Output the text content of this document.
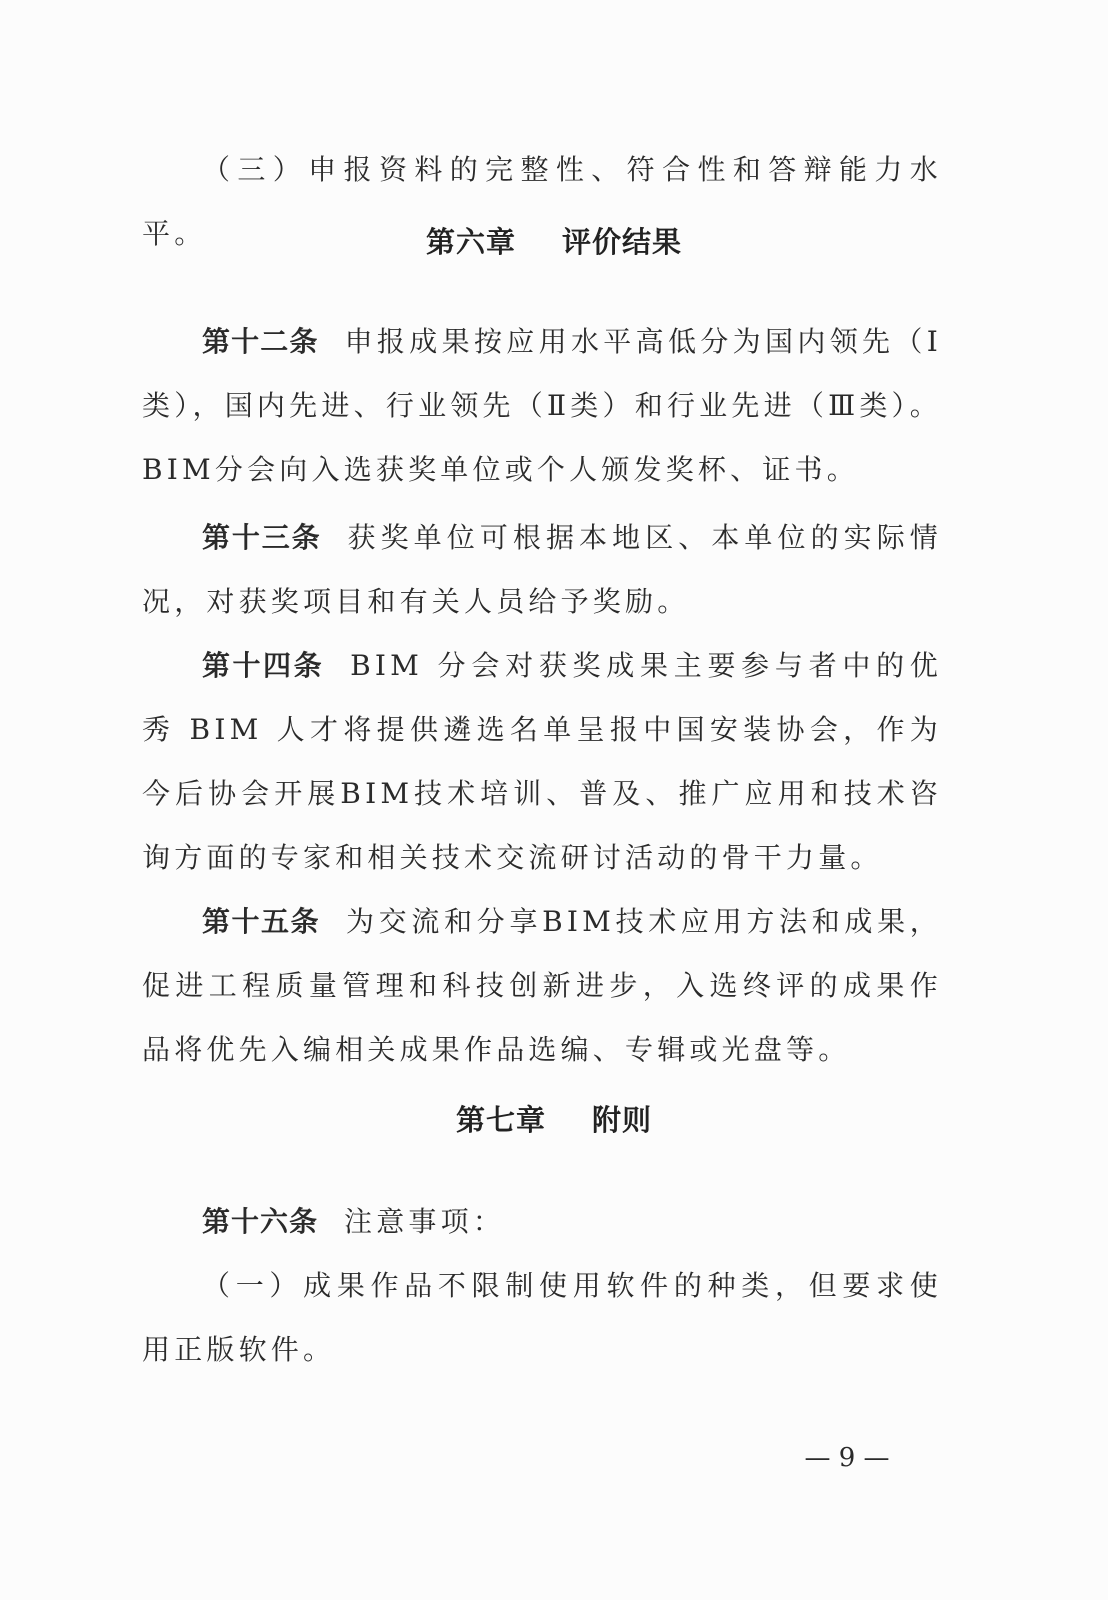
（三）申报资料的完整性、符合性和答辩能力水平。	第六章 评价结果

第十二条 申报成果按应用水平高低分为国内领先（Ⅰ类），国内先进、行业领先（Ⅱ类）和行业先进（Ⅲ类）。BIM分会向入选获奖单位或个人颁发奖杯、证书。

第十三条 获奖单位可根据本地区、本单位的实际情况，对获奖项目和有关人员给予奖励。

第十四条 BIM 分会对获奖成果主要参与者中的优秀 BIM 人才将提供遴选名单呈报中国安装协会，作为今后协会开展BIM技术培训、普及、推广应用和技术咨询方面的专家和相关技术交流研讨活动的骨干力量。

第十五条 为交流和分享BIM技术应用方法和成果，促进工程质量管理和科技创新进步，入选终评的成果作品将优先入编相关成果作品选编、专辑或光盘等。

第七章 附则

第十六条 注意事项：

（一）成果作品不限制使用软件的种类，但要求使用正版软件。

— 9 —
